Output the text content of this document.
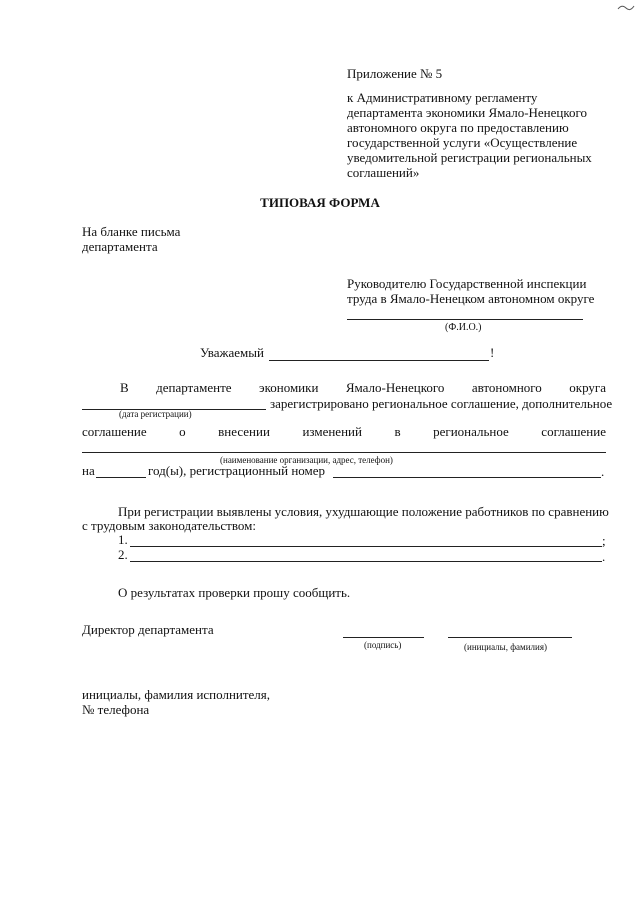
Приложение № 5
к Административному регламенту
департамента экономики Ямало-Ненецкого
автономного округа по предоставлению
государственной услуги «Осуществление
уведомительной регистрации региональных
соглашений»
ТИПОВАЯ ФОРМА
На бланке письма
департамента
Руководителю Государственной инспекции
труда в Ямало-Ненецком автономном округе
(Ф.И.О.)
Уважаемый	!
В департаменте экономики Ямало-Ненецкого автономного округа
зарегистрировано региональное соглашение, дополнительное
(дата регистрации)
соглашение	о	внесении	изменений	в	региональное	соглашение
(наименование организации, адрес, телефон)
на	год(ы), регистрационный номер	.
При регистрации выявлены условия, ухудшающие положение работников по сравнению
с трудовым законодательством:
1.	;
2.	.
О результатах проверки прошу сообщить.
Директор департамента
(подпись)	(инициалы, фамилия)
инициалы, фамилия исполнителя,
№ телефона
